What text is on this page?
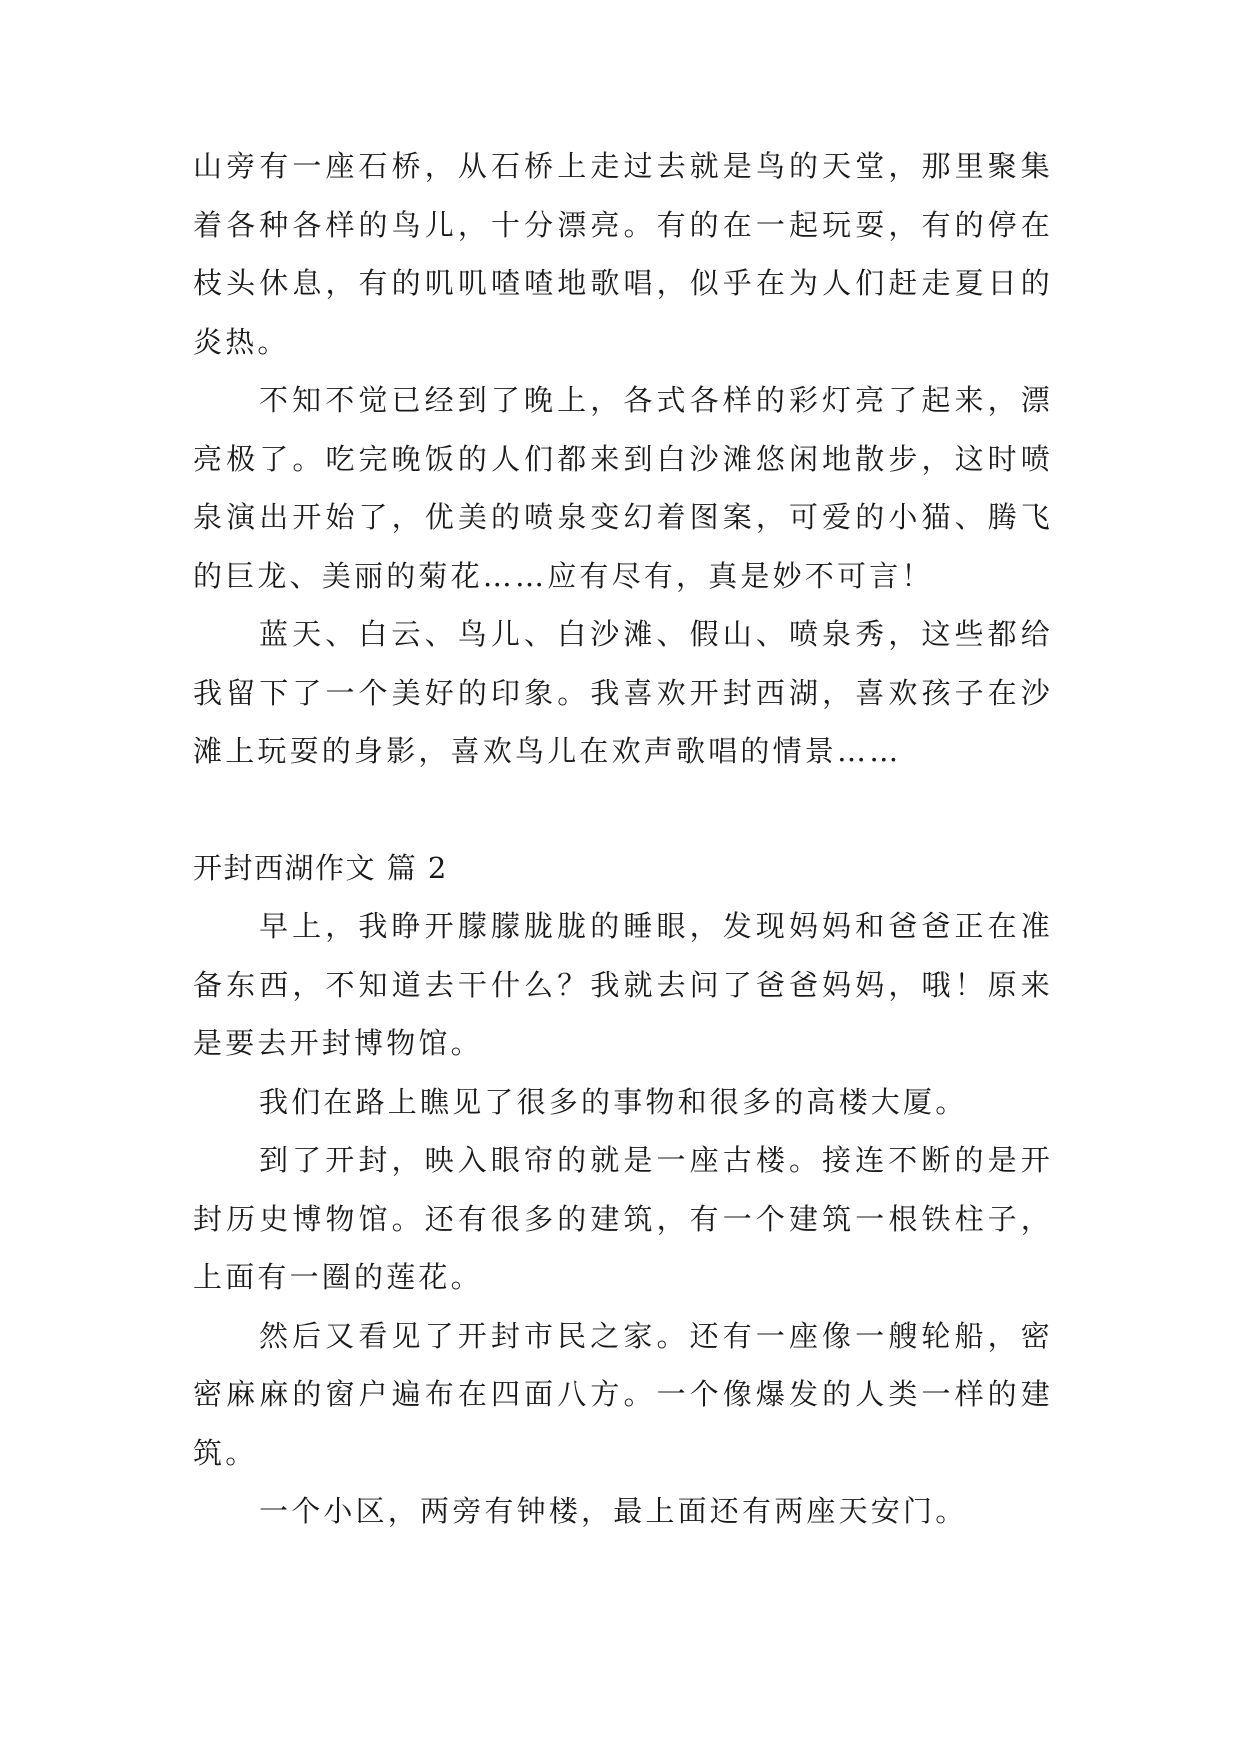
山旁有一座石桥，从石桥上走过去就是鸟的天堂，那里聚集着各种各样的鸟儿，十分漂亮。有的在一起玩耍，有的停在枝头休息，有的叽叽喳喳地歌唱，似乎在为人们赶走夏日的炎热。

不知不觉已经到了晚上，各式各样的彩灯亮了起来，漂亮极了。吃完晚饭的人们都来到白沙滩悠闲地散步，这时喷泉演出开始了，优美的喷泉变幻着图案，可爱的小猫、腾飞的巨龙、美丽的菊花……应有尽有，真是妙不可言！

蓝天、白云、鸟儿、白沙滩、假山、喷泉秀，这些都给我留下了一个美好的印象。我喜欢开封西湖，喜欢孩子在沙滩上玩耍的身影，喜欢鸟儿在欢声歌唱的情景……

开封西湖作文 篇 2

早上，我睁开朦朦胧胧的睡眼，发现妈妈和爸爸正在准备东西，不知道去干什么？我就去问了爸爸妈妈，哦！原来是要去开封博物馆。

我们在路上瞧见了很多的事物和很多的高楼大厦。

到了开封，映入眼帘的就是一座古楼。接连不断的是开封历史博物馆。还有很多的建筑，有一个建筑一根铁柱子，上面有一圈的莲花。

然后又看见了开封市民之家。还有一座像一艘轮船，密密麻麻的窗户遍布在四面八方。一个像爆发的人类一样的建筑。

一个小区，两旁有钟楼，最上面还有两座天安门。
